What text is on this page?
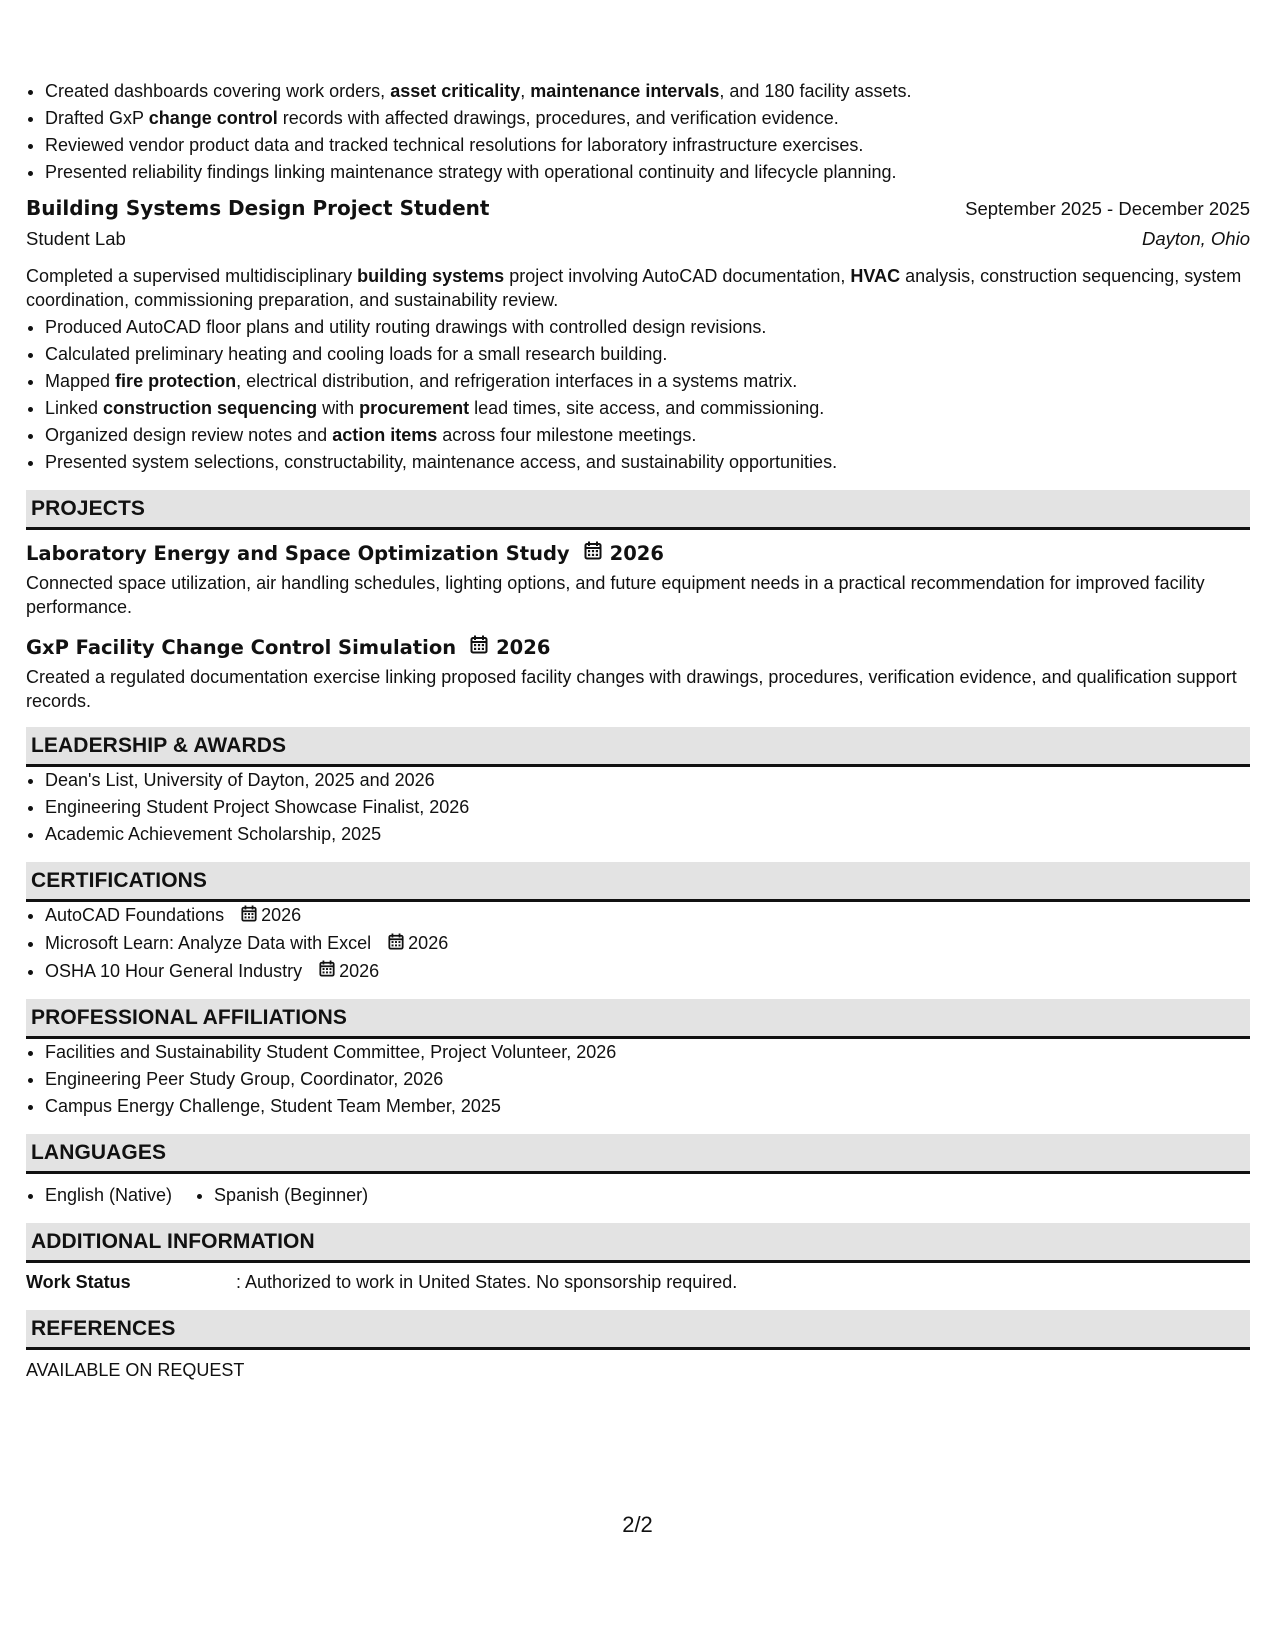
• Created dashboards covering work orders, asset criticality, maintenance intervals, and 180 facility assets.
• Drafted GxP change control records with affected drawings, procedures, and verification evidence.
• Reviewed vendor product data and tracked technical resolutions for laboratory infrastructure exercises.
• Presented reliability findings linking maintenance strategy with operational continuity and lifecycle planning.
Building Systems Design Project Student	September 2025 - December 2025
Student Lab	Dayton, Ohio
Completed a supervised multidisciplinary building systems project involving AutoCAD documentation, HVAC analysis, construction sequencing, system coordination, commissioning preparation, and sustainability review.
• Produced AutoCAD floor plans and utility routing drawings with controlled design revisions.
• Calculated preliminary heating and cooling loads for a small research building.
• Mapped fire protection, electrical distribution, and refrigeration interfaces in a systems matrix.
• Linked construction sequencing with procurement lead times, site access, and commissioning.
• Organized design review notes and action items across four milestone meetings.
• Presented system selections, constructability, maintenance access, and sustainability opportunities.
PROJECTS
Laboratory Energy and Space Optimization Study 2026
Connected space utilization, air handling schedules, lighting options, and future equipment needs in a practical recommendation for improved facility performance.
GxP Facility Change Control Simulation 2026
Created a regulated documentation exercise linking proposed facility changes with drawings, procedures, verification evidence, and qualification support records.
LEADERSHIP & AWARDS
• Dean's List, University of Dayton, 2025 and 2026
• Engineering Student Project Showcase Finalist, 2026
• Academic Achievement Scholarship, 2025
CERTIFICATIONS
• AutoCAD Foundations 2026
• Microsoft Learn: Analyze Data with Excel 2026
• OSHA 10 Hour General Industry 2026
PROFESSIONAL AFFILIATIONS
• Facilities and Sustainability Student Committee, Project Volunteer, 2026
• Engineering Peer Study Group, Coordinator, 2026
• Campus Energy Challenge, Student Team Member, 2025
LANGUAGES
• English (Native)
• Spanish (Beginner)
ADDITIONAL INFORMATION
Work Status	: Authorized to work in United States. No sponsorship required.
REFERENCES
AVAILABLE ON REQUEST
2/2
